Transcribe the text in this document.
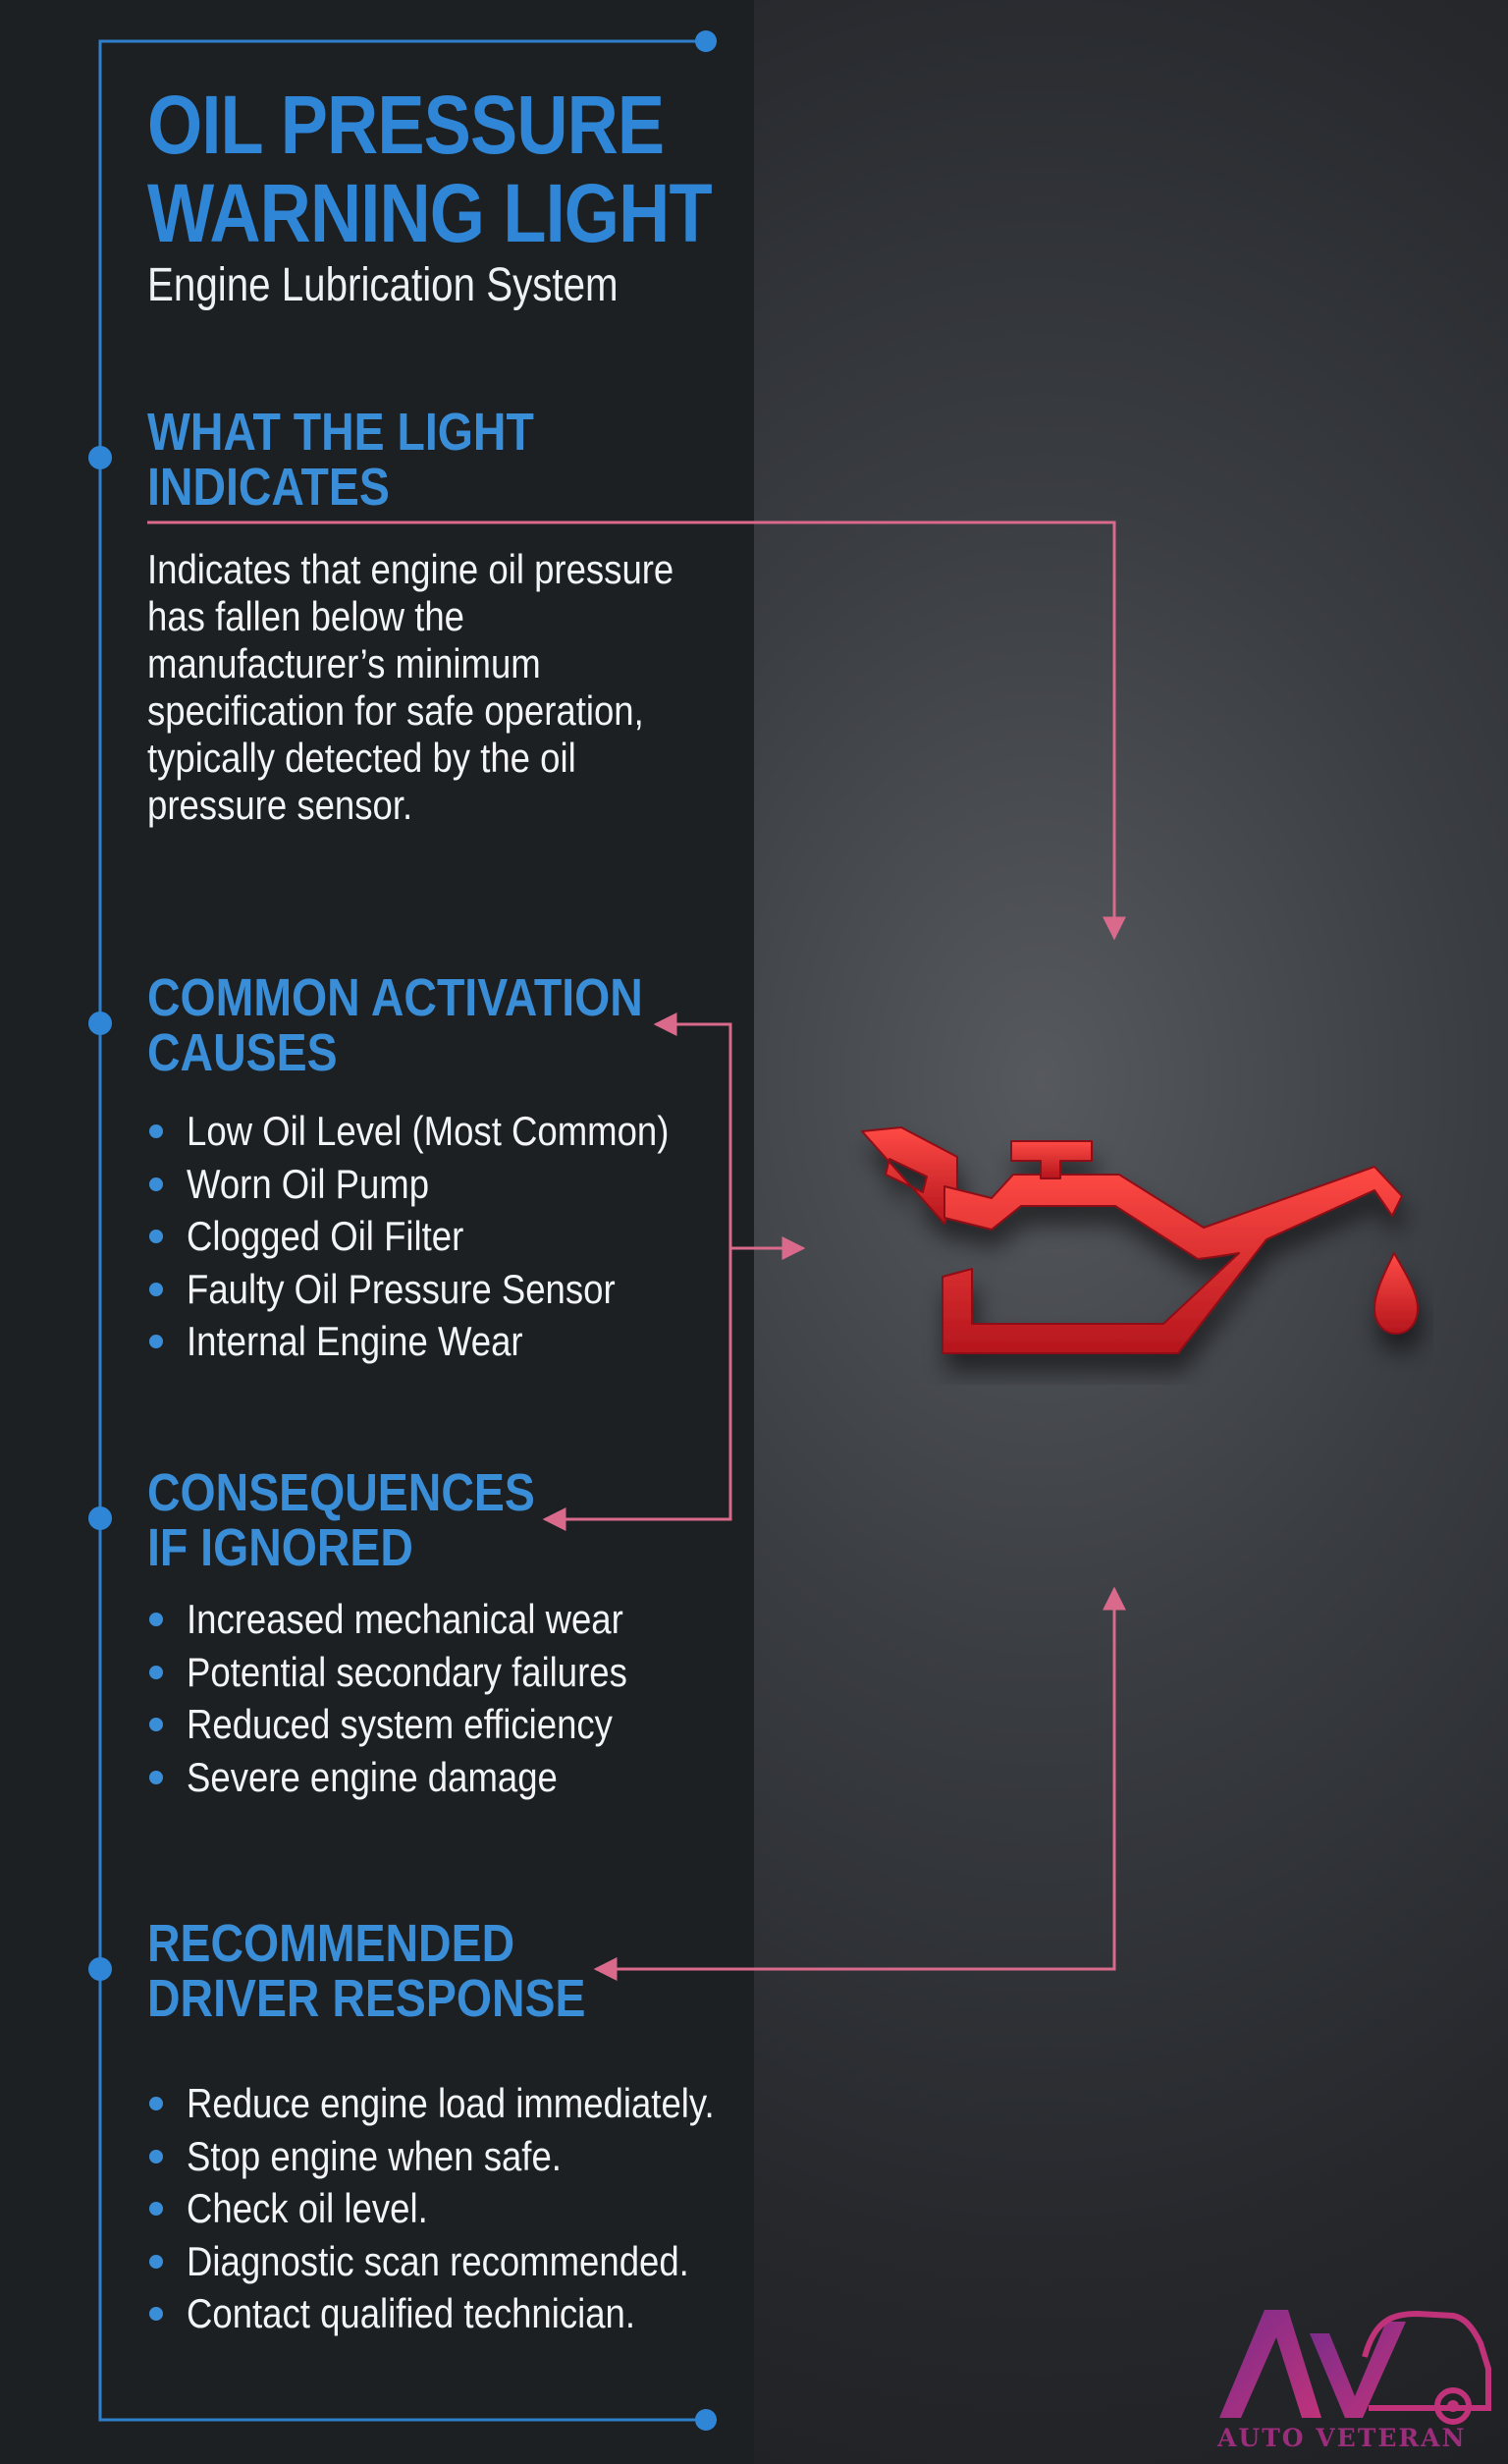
OIL PRESSURE
WARNING LIGHT
Engine Lubrication System
WHAT THE LIGHT
INDICATES
Indicates that engine oil pressure
has fallen below the
manufacturer’s minimum
specification for safe operation,
typically detected by the oil
pressure sensor.
COMMON ACTIVATION
CAUSES
Low Oil Level (Most Common)
Worn Oil Pump
Clogged Oil Filter
Faulty Oil Pressure Sensor
Internal Engine Wear
CONSEQUENCES
IF IGNORED
Increased mechanical wear
Potential secondary failures
Reduced system efficiency
Severe engine damage
RECOMMENDED
DRIVER RESPONSE
Reduce engine load immediately.
Stop engine when safe.
Check oil level.
Diagnostic scan recommended.
Contact qualified technician.
AUTO VETERAN
